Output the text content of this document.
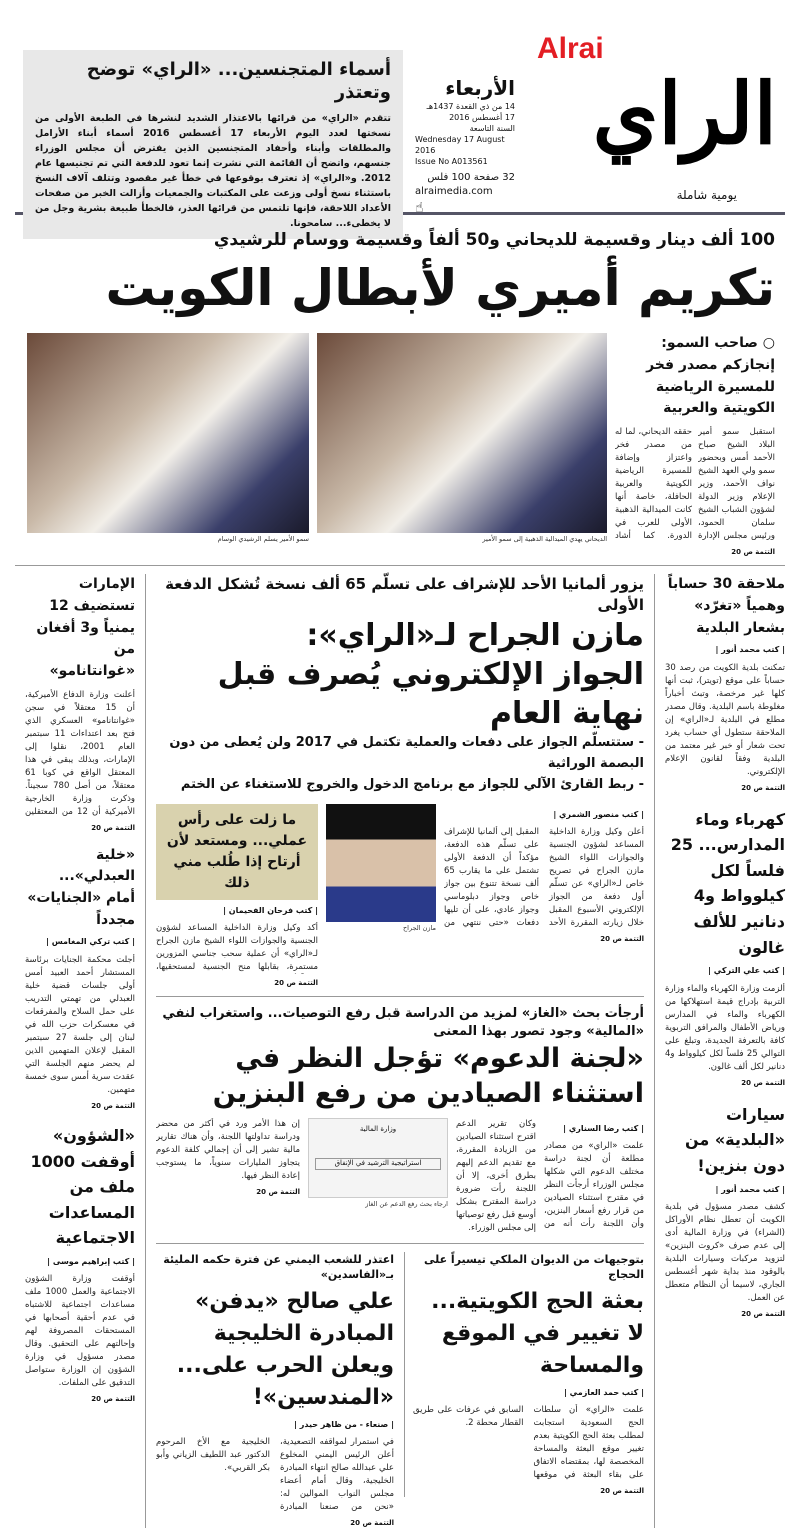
Alrai
الراي
يومية شاملة
الأربعاء
14 من ذي القعدة 1437هـ
17 أغسطس 2016
السنة التاسعة
Wednesday 17 August 2016
Issue No A013561
32 صفحة 100 فلس
alraimedia.com
☝
أسماء المتجنسين... «الراي» توضح وتعتذر

تتقدم «الراي» من قرائها بالاعتذار الشديد لنشرها في الطبعة الأولى من نسختها لعدد اليوم الأربعاء 17 أغسطس 2016 أسماء أبناء الأرامل والمطلقات وأبناء وأحفاد المتجنسين الذين يفترض أن مجلس الوزراء جنسهم، واتضح أن القائمة التي نشرت إنما تعود للدفعة التي تم تجنيسها عام 2012. و«الراي» إذ تعترف بوقوعها في خطأ غير مقصود وتتلف آلاف النسخ باستثناء نسخ أولى وزعت على المكتبات والجمعيات وأزالت الخبر من صفحات الأعداد اللاحقة، فإنها تلتمس من قرائها العذر، فالخطأ طبيعة بشرية وجل من لا يخطىء... سامحونا.

100 ألف دينار وقسيمة للديحاني و50 ألفاً وقسيمة ووسام للرشيدي
تكريم أميري لأبطال الكويت
○ صاحب السمو: إنجازكم مصدر فخر للمسيرة الرياضية الكويتية والعربية
استقبل سمو أمير البلاد الشيخ صباح الأحمد أمس وبحضور سمو ولي العهد الشيخ نواف الأحمد، وزير الإعلام وزير الدولة لشؤون الشباب الشيخ سلمان الحمود، ورئيس مجلس الإدارة
حققه الديحاني، لما له من مصدر فخر واعتزاز وإضافة للمسيرة الرياضية الكويتية والعربية الحافلة، خاصة أنها كانت الميدالية الذهبية الأولى للعرب في الدورة. كما أشاد
التتمة ص 20
الديحاني يهدي الميدالية الذهبية إلى سمو الأمير
سمو الأمير يسلم الرشيدي الوسام
ملاحقة 30 حساباً وهمياً «تغرّد» بشعار البلدية
| كتب محمد أنور |
تمكنت بلدية الكويت من رصد 30 حساباً على موقع (تويتر)، ثبت أنها كلها غير مرخصة، وتبث أخباراً مغلوطة باسم البلدية. وقال مصدر مطلع في البلدية لـ«الراي» إن الملاحقة ستطول أي حساب يغرد تحت شعار أو خبر غير معتمد من البلدية وفقاً لقانون الإعلام الإلكتروني.
التتمة ص 20
كهرباء وماء المدارس... 25 فلساً لكل كيلوواط و4 دنانير للألف غالون
| كتب علي التركي |
ألزمت وزارة الكهرباء والماء وزارة التربية بإدراج قيمة استهلاكها من الكهرباء والماء في المدارس ورياض الأطفال والمرافق التربوية كافة بالتعرفة الجديدة، وتبلغ على التوالي 25 فلساً لكل كيلوواط و4 دنانير لكل ألف غالون.
التتمة ص 20
سيارات «البلدية» من دون بنزين!
| كتب محمد أنور |
كشف مصدر مسؤول في بلدية الكويت أن تعطل نظام الأوراكل (الشراء) في وزارة المالية أدى إلى عدم صرف «كروت البنزين» لتزويد مركبات وسيارات البلدية بالوقود منذ بداية شهر أغسطس الجاري، لاسيما أن النظام متعطل عن العمل.
التتمة ص 20
يزور ألمانيا الأحد للإشراف على تسلّم 65 ألف نسخة تُشكل الدفعة الأولى
مازن الجراح لـ«الراي»:
الجواز الإلكتروني يُصرف قبل نهاية العام
- ستتسلّم الجواز على دفعات والعملية تكتمل في 2017 ولن يُعطى من دون البصمة الوراثية
- ربط القارئ الآلي للجواز مع برنامج الدخول والخروج للاستغناء عن الختم
| كتب منصور الشمري |
أعلن وكيل وزارة الداخلية المساعد لشؤون الجنسية والجوازات اللواء الشيخ مازن الجراح في تصريح خاص لـ«الراي» عن تسلّم أول دفعة من الجواز الإلكتروني الأسبوع المقبل خلال زيارته المقررة الأحد المقبل إلى ألمانيا للإشراف على تسلّم هذه الدفعة، مؤكداً أن الدفعة الأولى تشتمل على ما يقارب 65 ألف نسخة تتنوع بين جواز خاص وجواز دبلوماسي وجواز عادي، على أن تليها دفعات «حتى ننتهي من
التتمة ص 20
مازن الجراح
ما زلت على رأس عملي... ومستعد لأن أرتاح إذا طُلب مني ذلك
| كتب فرحان الفحيمان |
أكد وكيل وزارة الداخلية المساعد لشؤون الجنسية والجوازات اللواء الشيخ مازن الجراح لـ«الراي» أن عملية سحب جناسي المزورين مستمرة، بقابلها منح الجنسية لمستحقيها،
التتمة ص 20
أرجأت بحث «الغاز» لمزيد من الدراسة قبل رفع التوصيات... واستغراب لنفي «المالية» وجود تصور بهذا المعنى
«لجنة الدعوم» تؤجل النظر في استثناء الصيادين من رفع البنزين
| كتب رضا السناري |
علمت «الراي» من مصادر مطلعة أن لجنة دراسة مختلف الدعوم التي شكلها مجلس الوزراء أرجأت النظر في مقترح استثناء الصيادين من قرار رفع أسعار البنزين، وأن اللجنة رأت أنه من
وكان تقرير الدعم اقترح استثناء الصيادين من الزيادة المقررة، مع تقديم الدعم إليهم بطرق أخرى، إلا أن اللجنة رأت ضرورة دراسة المقترح بشكل أوسع قبل رفع توصياتها إلى مجلس الوزراء.
وزارة المالية
استراتيجية الترشيد في الإنفاق
ارجاء بحث رفع الدعم عن الغاز
إن هذا الأمر ورد في أكثر من محضر ودراسة تداولتها اللجنة، وأن هناك تقارير مالية تشير إلى أن إجمالي كلفة الدعوم يتجاوز المليارات سنوياً، ما يستوجب إعادة النظر فيها.
التتمة ص 20
بتوجيهات من الديوان الملكي تيسيراً على الحجاج
بعثة الحج الكويتية... لا تغيير في الموقع والمساحة
| كتب حمد العازمي |
علمت «الراي» أن سلطات الحج السعودية استجابت لمطلب بعثة الحج الكويتية بعدم تغيير موقع البعثة والمساحة المخصصة لها، بمقتضاه الاتفاق على بقاء البعثة في موقعها السابق في عرفات على طريق القطار محطة 2.
التتمة ص 20
اعتذر للشعب اليمني عن فترة حكمه المليئة بـ«الفاسدين»
علي صالح «يدفن» المبادرة الخليجية ويعلن الحرب على... «المندسين»!
| صنعاء - من ظاهر حيدر |
في استمرار لمواقفه التصعيدية، أعلن الرئيس اليمني المخلوع علي عبدالله صالح انتهاء المبادرة الخليجية، وقال أمام أعضاء مجلس النواب الموالين له: «نحن من صنعنا المبادرة الخليجية مع الأخ المرحوم الدكتور عبد اللطيف الزياني وأبو بكر القربي».
التتمة ص 20
الإمارات تستضيف 12 يمنياً و3 أفغان من «غوانتانامو»
أعلنت وزارة الدفاع الأميركية، أن 15 معتقلاً في سجن «غوانتانامو» العسكري الذي فتح بعد اعتداءات 11 سبتمبر العام 2001، نقلوا إلى الإمارات، وبذلك يبقى في هذا المعتقل الواقع في كوبا 61 معتقلاً، من أصل 780 سجيناً. وذكرت وزارة الخارجية الأميركية أن 12 من المعتقلين
التتمة ص 20
«خلية العبدلي»... أمام «الجنايات» مجدداً
| كتب تركي المغامس |
أجلت محكمة الجنايات برئاسة المستشار أحمد العبيد أمس أولى جلسات قضية خلية العبدلي من تهمتي التدريب على حمل السلاح والمفرقعات في معسكرات حزب الله في لبنان إلى جلسة 27 سبتمبر المقبل لإعلان المتهمين الذين لم يحضر منهم الجلسة التي عقدت سرية أمس سوى خمسة متهمين.
التتمة ص 20
«الشؤون» أوقفت 1000 ملف من المساعدات الاجتماعية
| كتب إبراهيم موسى |
أوقفت وزارة الشؤون الاجتماعية والعمل 1000 ملف مساعدات اجتماعية للاشتباه في عدم أحقية أصحابها في المستحقات المصروفة لهم وإحالتهم على التحقيق. وقال مصدر مسؤول في وزارة الشؤون إن الوزارة ستواصل التدقيق على الملفات.
التتمة ص 20
